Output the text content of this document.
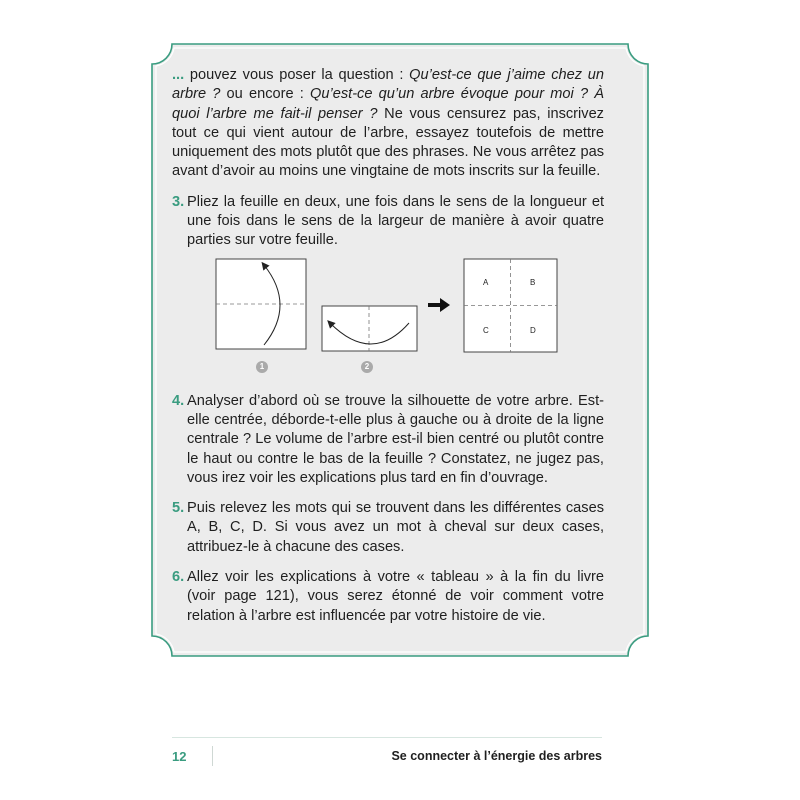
... pouvez vous poser la question : Qu’est-ce que j’aime chez un arbre ? ou encore : Qu’est-ce qu’un arbre évoque pour moi ? À quoi l’arbre me fait-il penser ? Ne vous censurez pas, inscrivez tout ce qui vient autour de l’arbre, essayez toutefois de mettre uniquement des mots plutôt que des phrases. Ne vous arrêtez pas avant d’avoir au moins une vingtaine de mots inscrits sur la feuille.

3. Pliez la feuille en deux, une fois dans le sens de la longueur et une fois dans le sens de la largeur de manière à avoir quatre parties sur votre feuille.

1	2
A	B
C	D

4. Analyser d’abord où se trouve la silhouette de votre arbre. Est-elle centrée, déborde-t-elle plus à gauche ou à droite de la ligne centrale ? Le volume de l’arbre est-il bien centré ou plutôt contre le haut ou contre le bas de la feuille ? Constatez, ne jugez pas, vous irez voir les explications plus tard en fin d’ouvrage.

5. Puis relevez les mots qui se trouvent dans les différentes cases A, B, C, D. Si vous avez un mot à cheval sur deux cases, attribuez-le à chacune des cases.

6. Allez voir les explications à votre « tableau » à la fin du livre (voir page 121), vous serez étonné de voir comment votre relation à l’arbre est influencée par votre histoire de vie.

12	Se connecter à l’énergie des arbres
